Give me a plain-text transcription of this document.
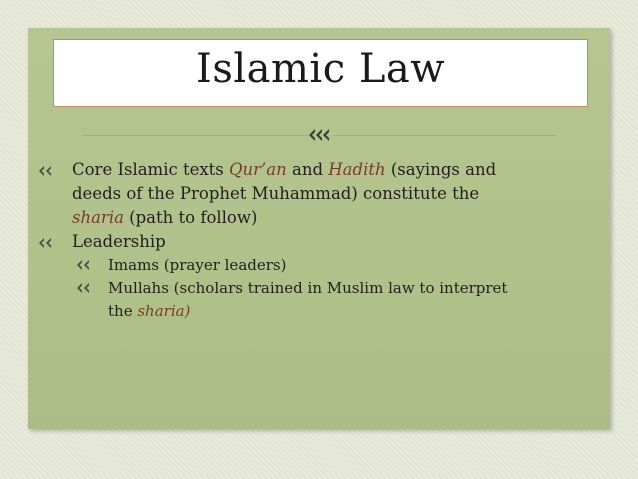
Islamic Law
Core Islamic texts Qur’an and Hadith (sayings and
deeds of the Prophet Muhammad) constitute the
sharia (path to follow)
Leadership
Imams (prayer leaders)
Mullahs (scholars trained in Muslim law to interpret
the sharia)
